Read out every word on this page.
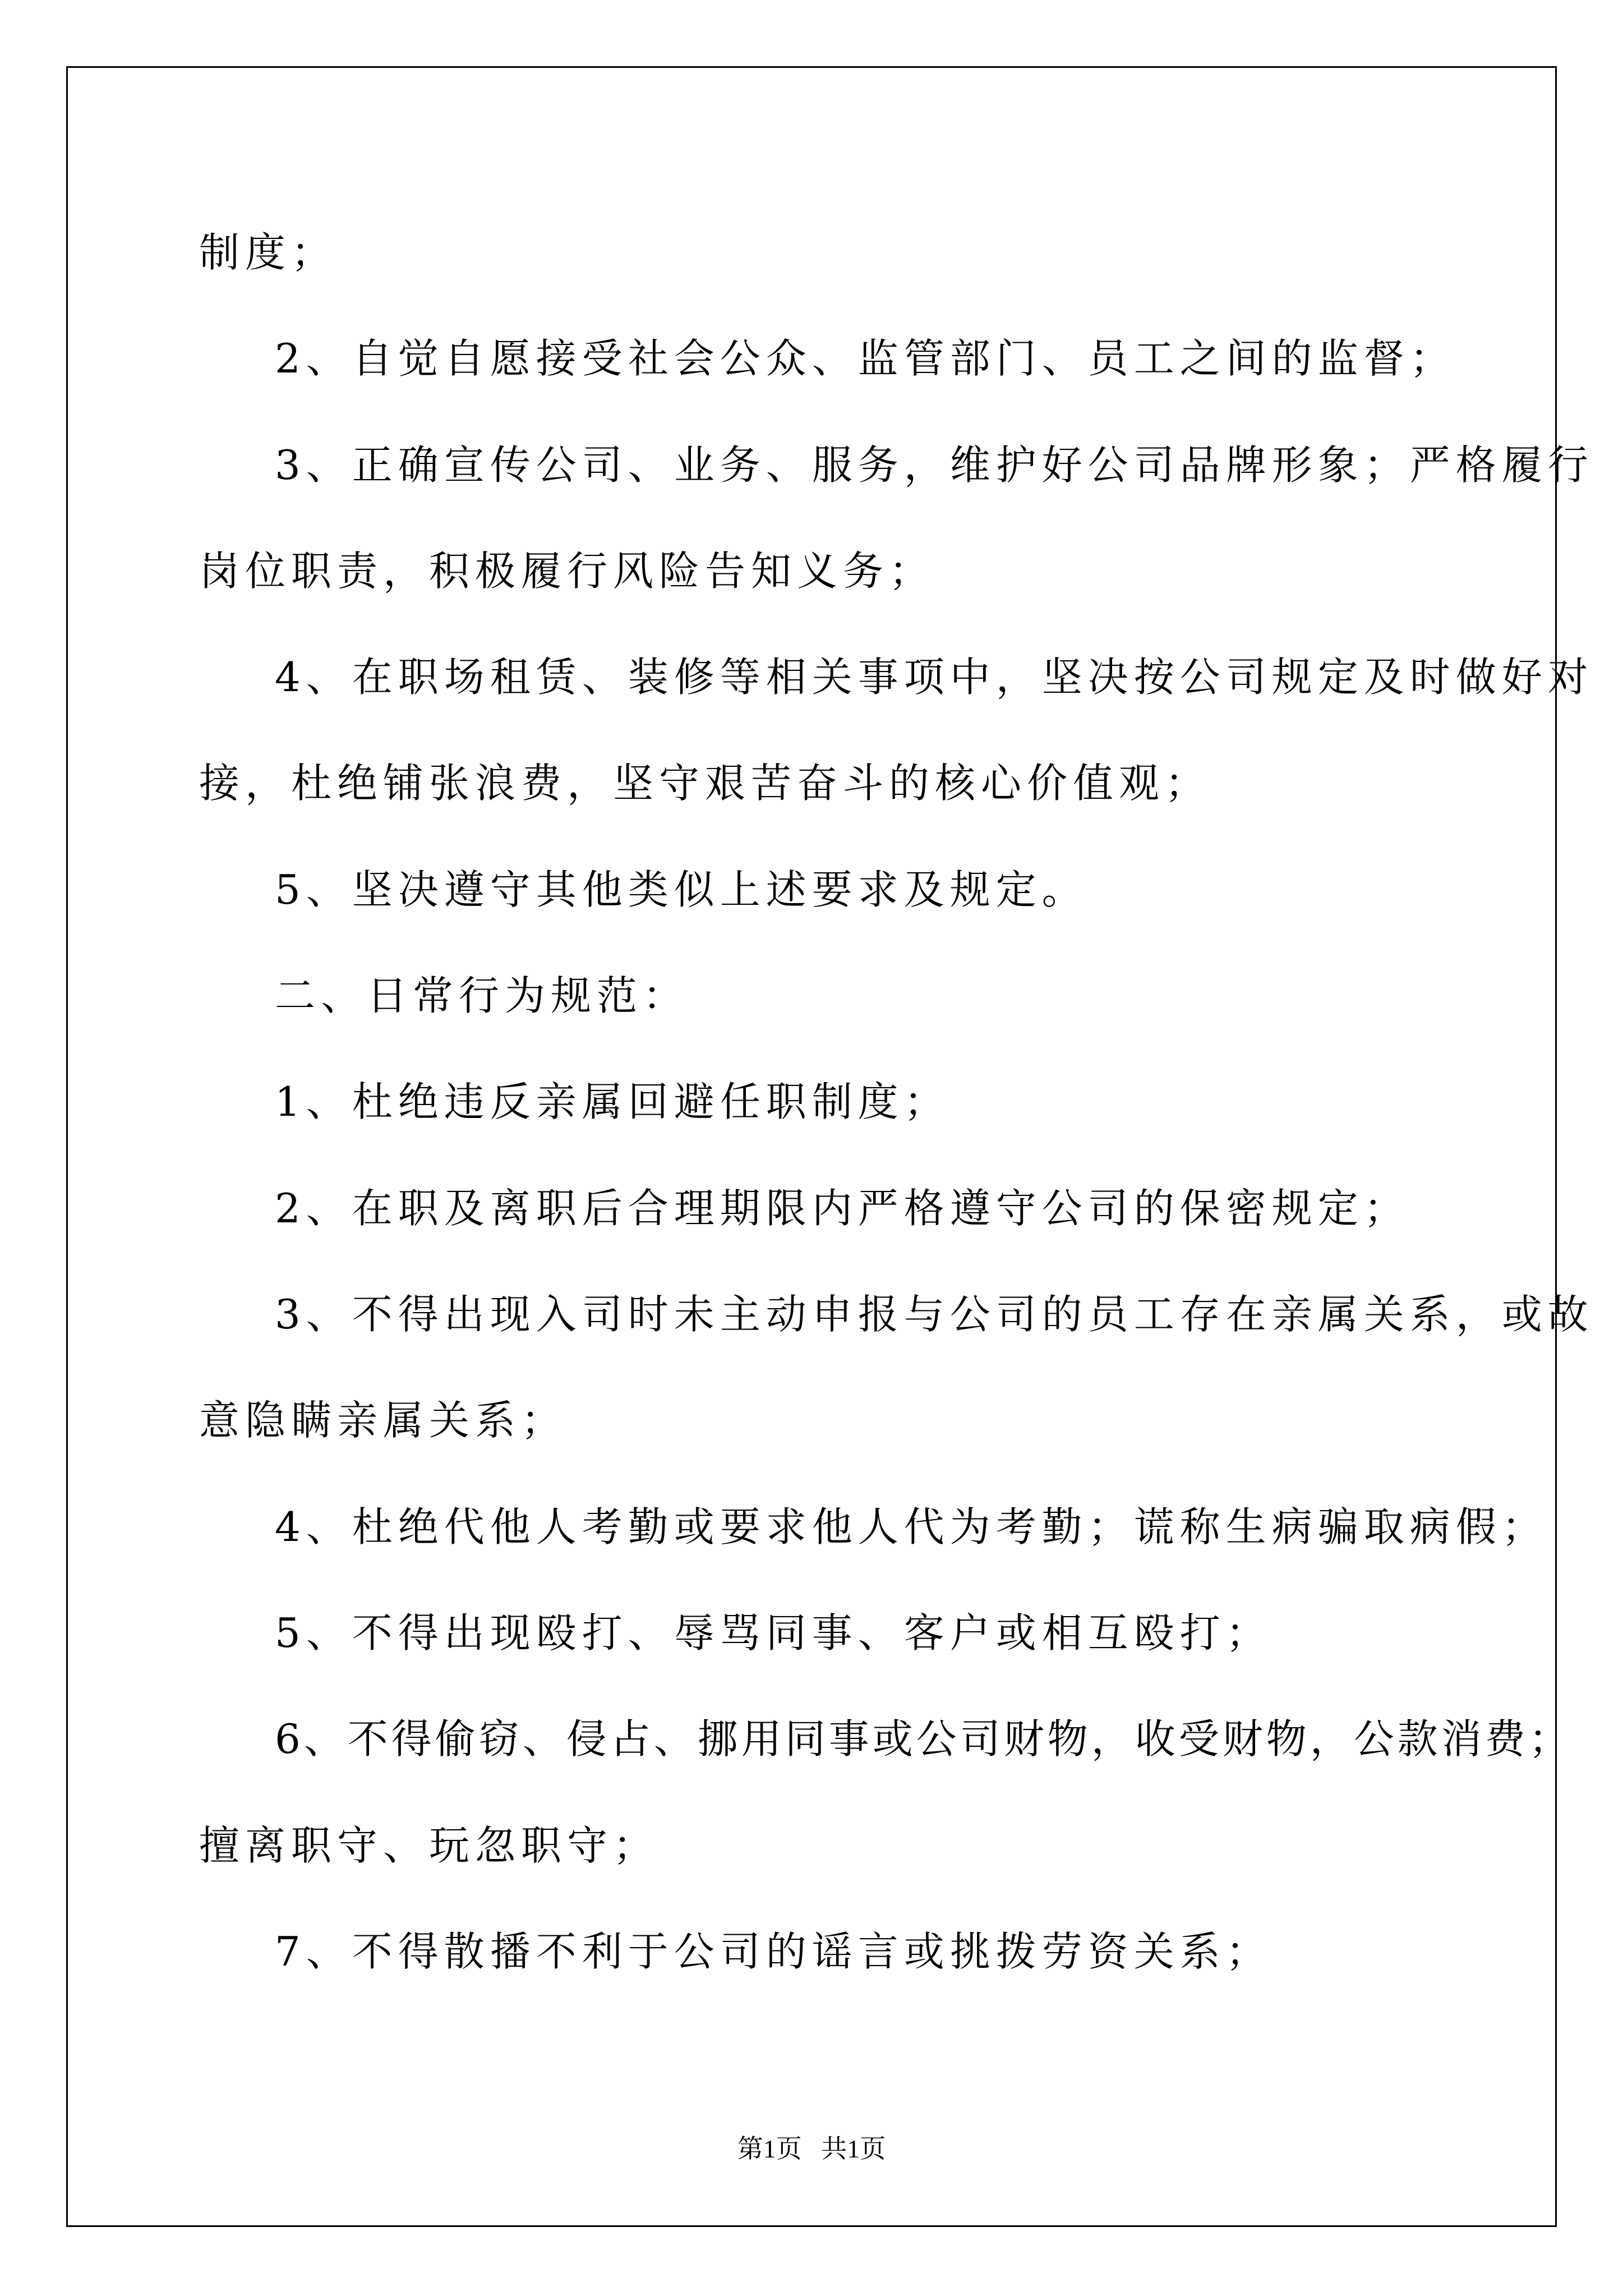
制度；

2、自觉自愿接受社会公众、监管部门、员工之间的监督；

3、正确宣传公司、业务、服务，维护好公司品牌形象；严格履行

岗位职责，积极履行风险告知义务；

4、在职场租赁、装修等相关事项中，坚决按公司规定及时做好对

接，杜绝铺张浪费，坚守艰苦奋斗的核心价值观；

5、坚决遵守其他类似上述要求及规定。

二、日常行为规范：

1、杜绝违反亲属回避任职制度；

2、在职及离职后合理期限内严格遵守公司的保密规定；

3、不得出现入司时未主动申报与公司的员工存在亲属关系，或故

意隐瞒亲属关系；

4、杜绝代他人考勤或要求他人代为考勤；谎称生病骗取病假；

5、不得出现殴打、辱骂同事、客户或相互殴打；

6、不得偷窃、侵占、挪用同事或公司财物，收受财物，公款消费；

擅离职守、玩忽职守；

7、不得散播不利于公司的谣言或挑拨劳资关系；

第1页   共1页
